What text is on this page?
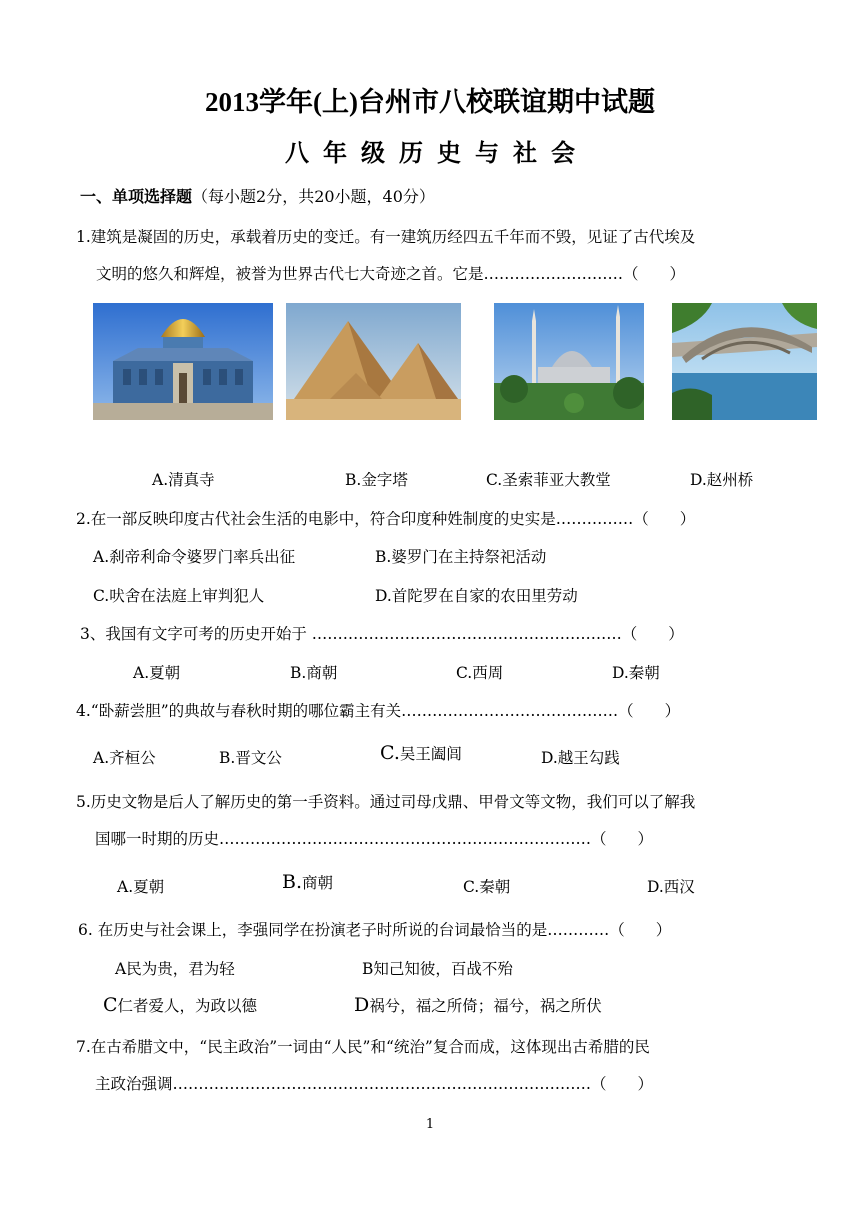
2013学年(上)台州市八校联谊期中试题
八年级历史与社会
一、单项选择题（每小题2分，共20小题，40分）
1.建筑是凝固的历史，承载着历史的变迁。有一建筑历经四五千年而不毁，见证了古代埃及
文明的悠久和辉煌，被誉为世界古代七大奇迹之首。它是………………………（　　）
A.清真寺	B.金字塔	C.圣索菲亚大教堂	D.赵州桥
2.在一部反映印度古代社会生活的电影中，符合印度种姓制度的史实是……………（　　）
A.刹帝利命令婆罗门率兵出征	B.婆罗门在主持祭祀活动
C.吠舍在法庭上审判犯人	D.首陀罗在自家的农田里劳动
3、我国有文字可考的历史开始于 ……………………………………………………（　　）
A.夏朝	B.商朝	C.西周	D.秦朝
4.“卧薪尝胆”的典故与春秋时期的哪位霸主有关……………………………………（　　）
A.齐桓公	B.晋文公	C.吴王阖闾	D.越王勾践
5.历史文物是后人了解历史的第一手资料。通过司母戊鼎、甲骨文等文物，我们可以了解我
国哪一时期的历史………………………………………………………………（　　）
A.夏朝	B.商朝	C.秦朝	D.西汉
6. 在历史与社会课上，李强同学在扮演老子时所说的台词最恰当的是…………（　　）
A民为贵，君为轻	B知己知彼，百战不殆
C仁者爱人，为政以德	D祸兮，福之所倚；福兮，祸之所伏
7.在古希腊文中，“民主政治”一词由“人民”和“统治”复合而成，这体现出古希腊的民
主政治强调………………………………………………………………………（　　）
1
